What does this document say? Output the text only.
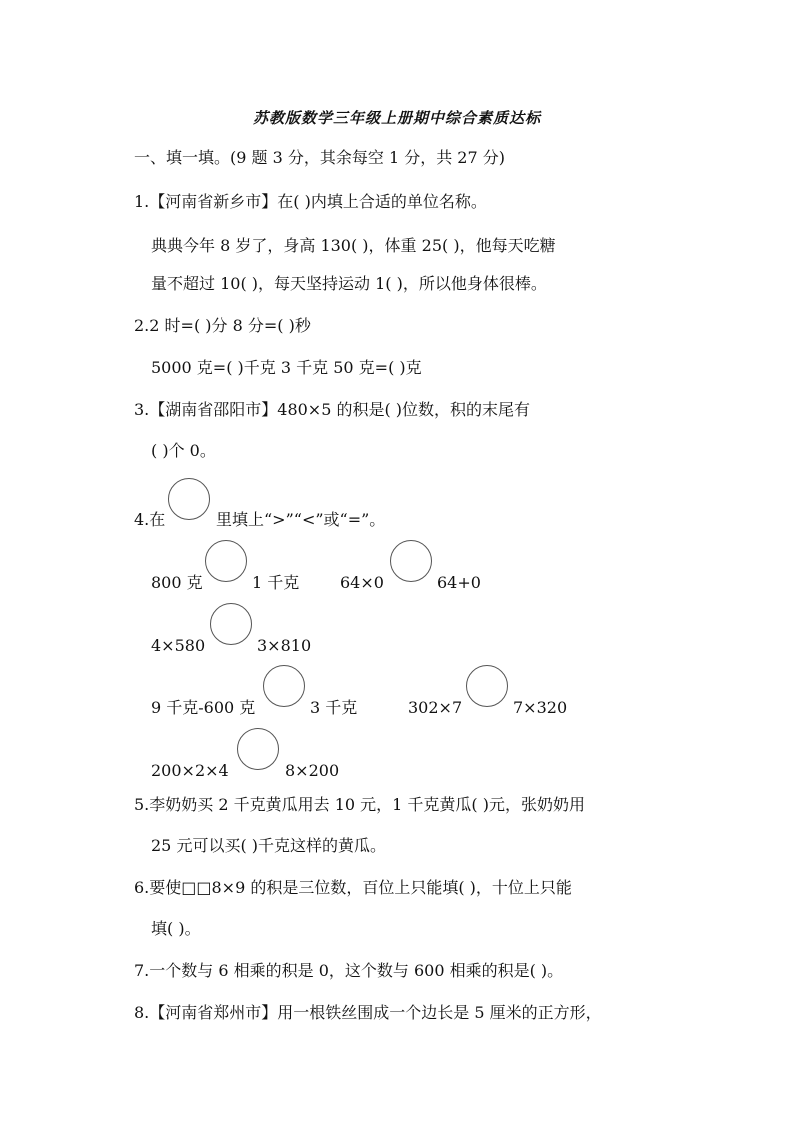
苏教版数学三年级上册期中综合素质达标
一、填一填。(9 题 3 分，其余每空 1 分，共 27 分)
1.【河南省新乡市】在( )内填上合适的单位名称。
典典今年 8 岁了，身高 130( )，体重 25( )，他每天吃糖
量不超过 10( )，每天坚持运动 1( )，所以他身体很棒。
2.2 时=( )分 8 分=( )秒
5000 克=( )千克 3 千克 50 克=( )克
3.【湖南省邵阳市】480×5 的积是( )位数，积的末尾有
( )个 0。
4.在	里填上“>”“<”或“=”。
800 克	1 千克	64×0	64+0
4×580	3×810
9 千克-600 克	3 千克	302×7	7×320
200×2×4	8×200
5.李奶奶买 2 千克黄瓜用去 10 元，1 千克黄瓜( )元，张奶奶用
25 元可以买( )千克这样的黄瓜。
6.要使□□8×9 的积是三位数，百位上只能填( )，十位上只能
填( )。
7.一个数与 6 相乘的积是 0，这个数与 600 相乘的积是( )。
8.【河南省郑州市】用一根铁丝围成一个边长是 5 厘米的正方形，
